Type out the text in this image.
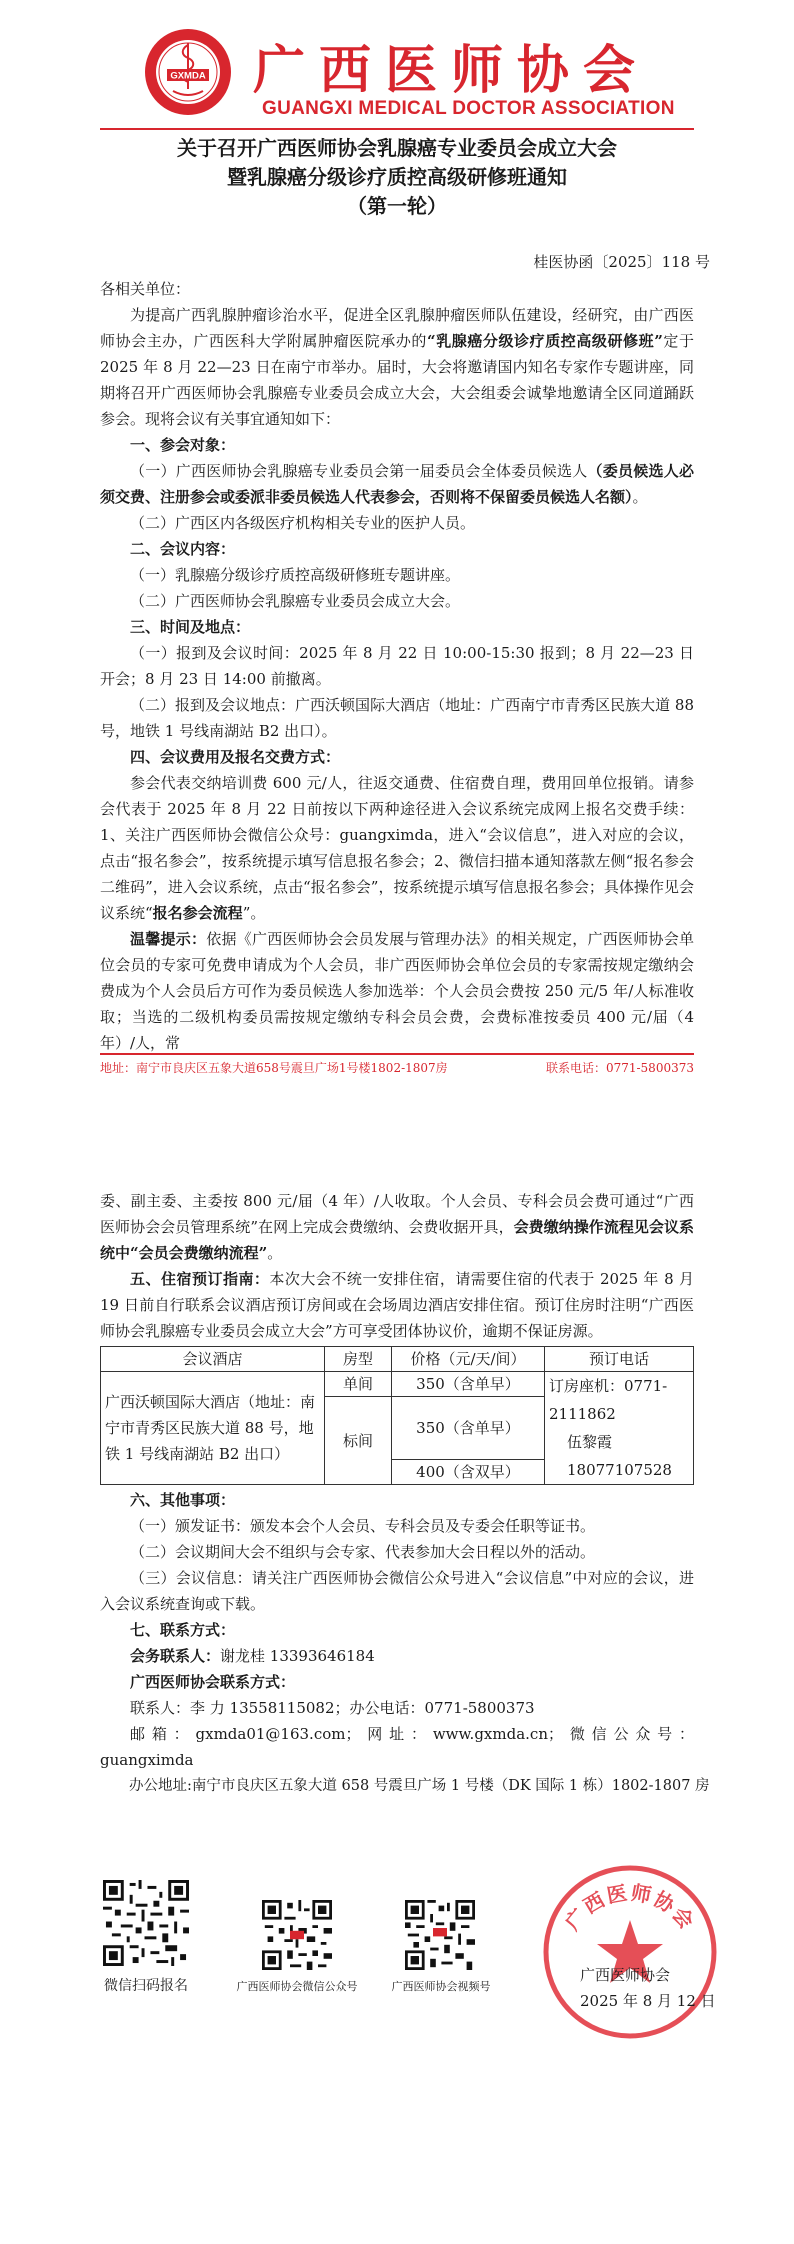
GXMDA 广西医师协会
GUANGXI MEDICAL DOCTOR ASSOCIATION
关于召开广西医师协会乳腺癌专业委员会成立大会
暨乳腺癌分级诊疗质控高级研修班通知
（第一轮）
桂医协函〔2025〕118 号

各相关单位：

为提高广西乳腺肿瘤诊治水平，促进全区乳腺肿瘤医师队伍建设，经研究，由广西医师协会主办，广西医科大学附属肿瘤医院承办的“乳腺癌分级诊疗质控高级研修班”定于 2025 年 8 月 22—23 日在南宁市举办。届时，大会将邀请国内知名专家作专题讲座，同期将召开广西医师协会乳腺癌专业委员会成立大会，大会组委会诚挚地邀请全区同道踊跃参会。现将会议有关事宜通知如下：

一、参会对象：

（一）广西医师协会乳腺癌专业委员会第一届委员会全体委员候选人（委员候选人必须交费、注册参会或委派非委员候选人代表参会，否则将不保留委员候选人名额）。

（二）广西区内各级医疗机构相关专业的医护人员。

二、会议内容：

（一）乳腺癌分级诊疗质控高级研修班专题讲座。

（二）广西医师协会乳腺癌专业委员会成立大会。

三、时间及地点：

（一）报到及会议时间：2025 年 8 月 22 日 10:00-15:30 报到；8 月 22—23 日开会；8 月 23 日 14:00 前撤离。

（二）报到及会议地点：广西沃顿国际大酒店（地址：广西南宁市青秀区民族大道 88 号，地铁 1 号线南湖站 B2 出口）。

四、会议费用及报名交费方式：

参会代表交纳培训费 600 元/人，往返交通费、住宿费自理，费用回单位报销。请参会代表于 2025 年 8 月 22 日前按以下两种途径进入会议系统完成网上报名交费手续：1、关注广西医师协会微信公众号：guangximda，进入“会议信息”，进入对应的会议，点击“报名参会”，按系统提示填写信息报名参会；2、微信扫描本通知落款左侧“报名参会二维码”，进入会议系统，点击“报名参会”，按系统提示填写信息报名参会；具体操作见会议系统“报名参会流程”。

温馨提示：依据《广西医师协会会员发展与管理办法》的相关规定，广西医师协会单位会员的专家可免费申请成为个人会员，非广西医师协会单位会员的专家需按规定缴纳会费成为个人会员后方可作为委员候选人参加选举：个人会员会费按 250 元/5 年/人标准收取；当选的二级机构委员需按规定缴纳专科会员会费，会费标准按委员 400 元/届（4 年）/人，常

地址：南宁市良庆区五象大道658号震旦广场1号楼1802-1807房	联系电话：0771-5800373

委、副主委、主委按 800 元/届（4 年）/人收取。个人会员、专科会员会费可通过“广西医师协会会员管理系统”在网上完成会费缴纳、会费收据开具，会费缴纳操作流程见会议系统中“会员会费缴纳流程”。

五、住宿预订指南：本次大会不统一安排住宿，请需要住宿的代表于 2025 年 8 月 19 日前自行联系会议酒店预订房间或在会场周边酒店安排住宿。预订住房时注明“广西医师协会乳腺癌专业委员会成立大会”方可享受团体协议价，逾期不保证房源。

会议酒店	房型	价格（元/天/间）	预订电话
广西沃顿国际大酒店（地址：南宁市青秀区民族大道 88 号，地铁 1 号线南湖站 B2 出口）	单间	350（含单早）	订房座机：0771-2111862
伍黎霞 18077107528

	标间	350（含单早）	
		400（含双早）	

六、其他事项：

（一）颁发证书：颁发本会个人会员、专科会员及专委会任职等证书。

（二）会议期间大会不组织与会专家、代表参加大会日程以外的活动。

（三）会议信息：请关注广西医师协会微信公众号进入“会议信息”中对应的会议，进入会议系统查询或下载。

七、联系方式：

会务联系人：谢龙桂 13393646184

广西医师协会联系方式：

联系人：李 力 13558115082；办公电话：0771-5800373

邮箱：gxmda01@163.com；网址：www.gxmda.cn；微信公众号：guangximda

办公地址:南宁市良庆区五象大道 658 号震旦广场 1 号楼（DK 国际 1 栋）1802-1807 房

微信扫码报名	广西医师协会微信公众号	广西医师协会视频号
广西医师协会
广西医师协会
2025 年 8 月 12 日
